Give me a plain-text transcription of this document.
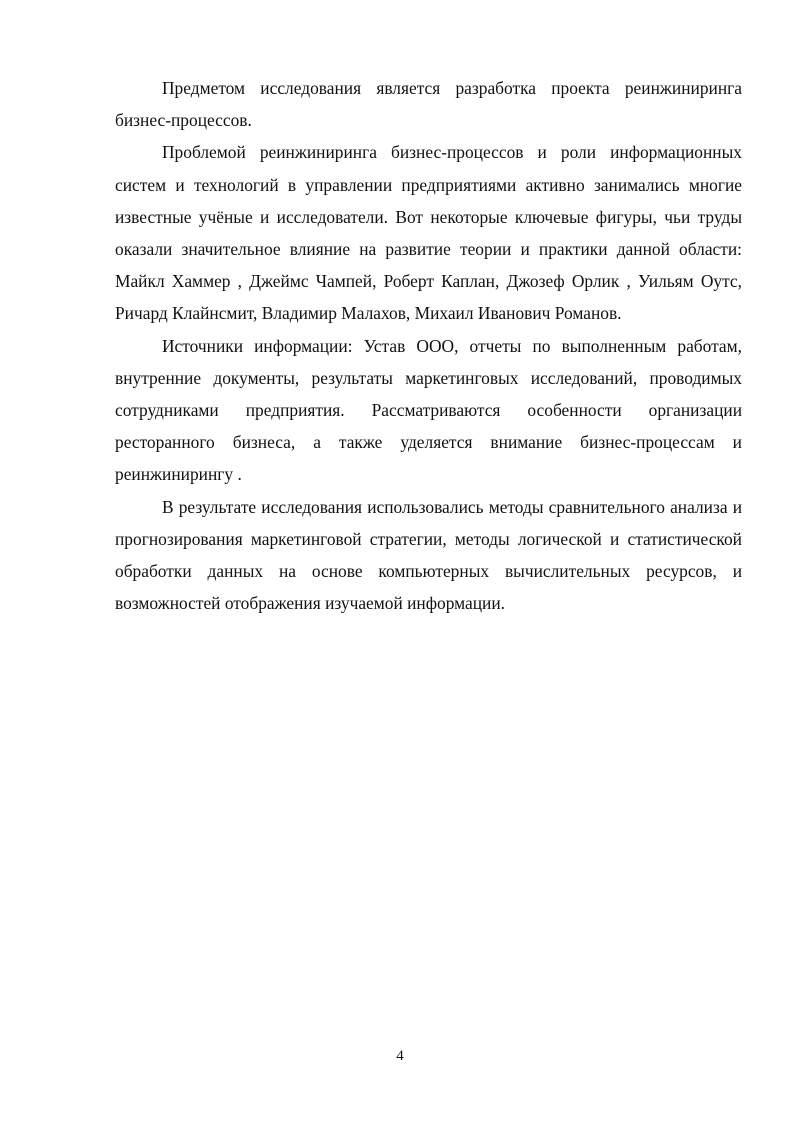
Предметом исследования является разработка проекта реинжиниринга бизнес-процессов.

Проблемой реинжиниринга бизнес-процессов и роли информационных систем и технологий в управлении предприятиями активно занимались многие известные учёные и исследователи. Вот некоторые ключевые фигуры, чьи труды оказали значительное влияние на развитие теории и практики данной области: Майкл Хаммер , Джеймс Чампей, Роберт Каплан, Джозеф Орлик , Уильям Оутс, Ричард Клайнсмит, Владимир Малахов, Михаил Иванович Романов.

Источники информации: Устав ООО, отчеты по выполненным работам, внутренние документы, результаты маркетинговых исследований, проводимых сотрудниками предприятия. Рассматриваются особенности организации ресторанного бизнеса, а также уделяется внимание бизнес-процессам и реинжинирингу .

В результате исследования использовались методы сравнительного анализа и прогнозирования маркетинговой стратегии, методы логической и статистической обработки данных на основе компьютерных вычислительных ресурсов, и возможностей отображения изучаемой информации.

4
